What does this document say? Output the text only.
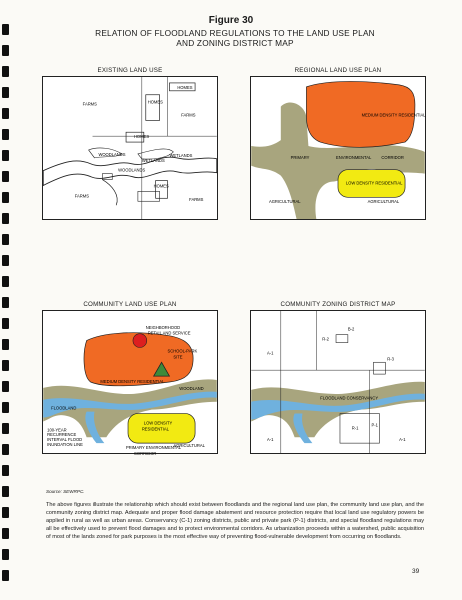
Figure 30
RELATION OF FLOODLAND REGULATIONS TO THE LAND USE PLAN
AND ZONING DISTRICT MAP
EXISTING LAND USE
FARMS	HOMES
HOMES
HOMES
FARMS
WOODLANDS
WOODLANDS
WETLANDS
WETLANDS
HOMES
FARMS
FARMS
REGIONAL LAND USE PLAN
MEDIUM DENSITY RESIDENTIAL
PRIMARY	ENVIRONMENTAL CORRIDOR
LOW DENSITY RESIDENTIAL
AGRICULTURAL	AGRICULTURAL
COMMUNITY LAND USE PLAN
NEIGHBORHOOD
RETAIL AND SERVICE
SCHOOL-PARK
SITE
MEDIUM DENSITY RESIDENTIAL
WOODLAND
FLOODLAND
LOW DENSITY
RESIDENTIAL
PRIMARY ENVIRONMENTAL
CORRIDOR
100-YEAR
RECURRENCE
INTERVAL FLOOD
INUNDATION LINE	AGRICULTURAL
COMMUNITY ZONING DISTRICT MAP
B-2
R-2
A-1
R-3
FLOODLAND CONSERVANCY
R-1
P-1
A-1	A-1
Source: SEWRPC.
The above figures illustrate the relationship which should exist between floodlands and the regional land use plan, the community land use plan, and the community zoning district map. Adequate and proper flood damage abatement and resource protection require that local land use regulatory powers be applied in rural as well as urban areas. Conservancy (C-1) zoning districts, public and private park (P-1) districts, and special floodland regulations may all be effectively used to prevent flood damages and to protect environmental corridors. As urbanization proceeds within a watershed, public acquisition of most of the lands zoned for park purposes is the most effective way of preventing flood-vulnerable development from occurring on floodlands.
39
